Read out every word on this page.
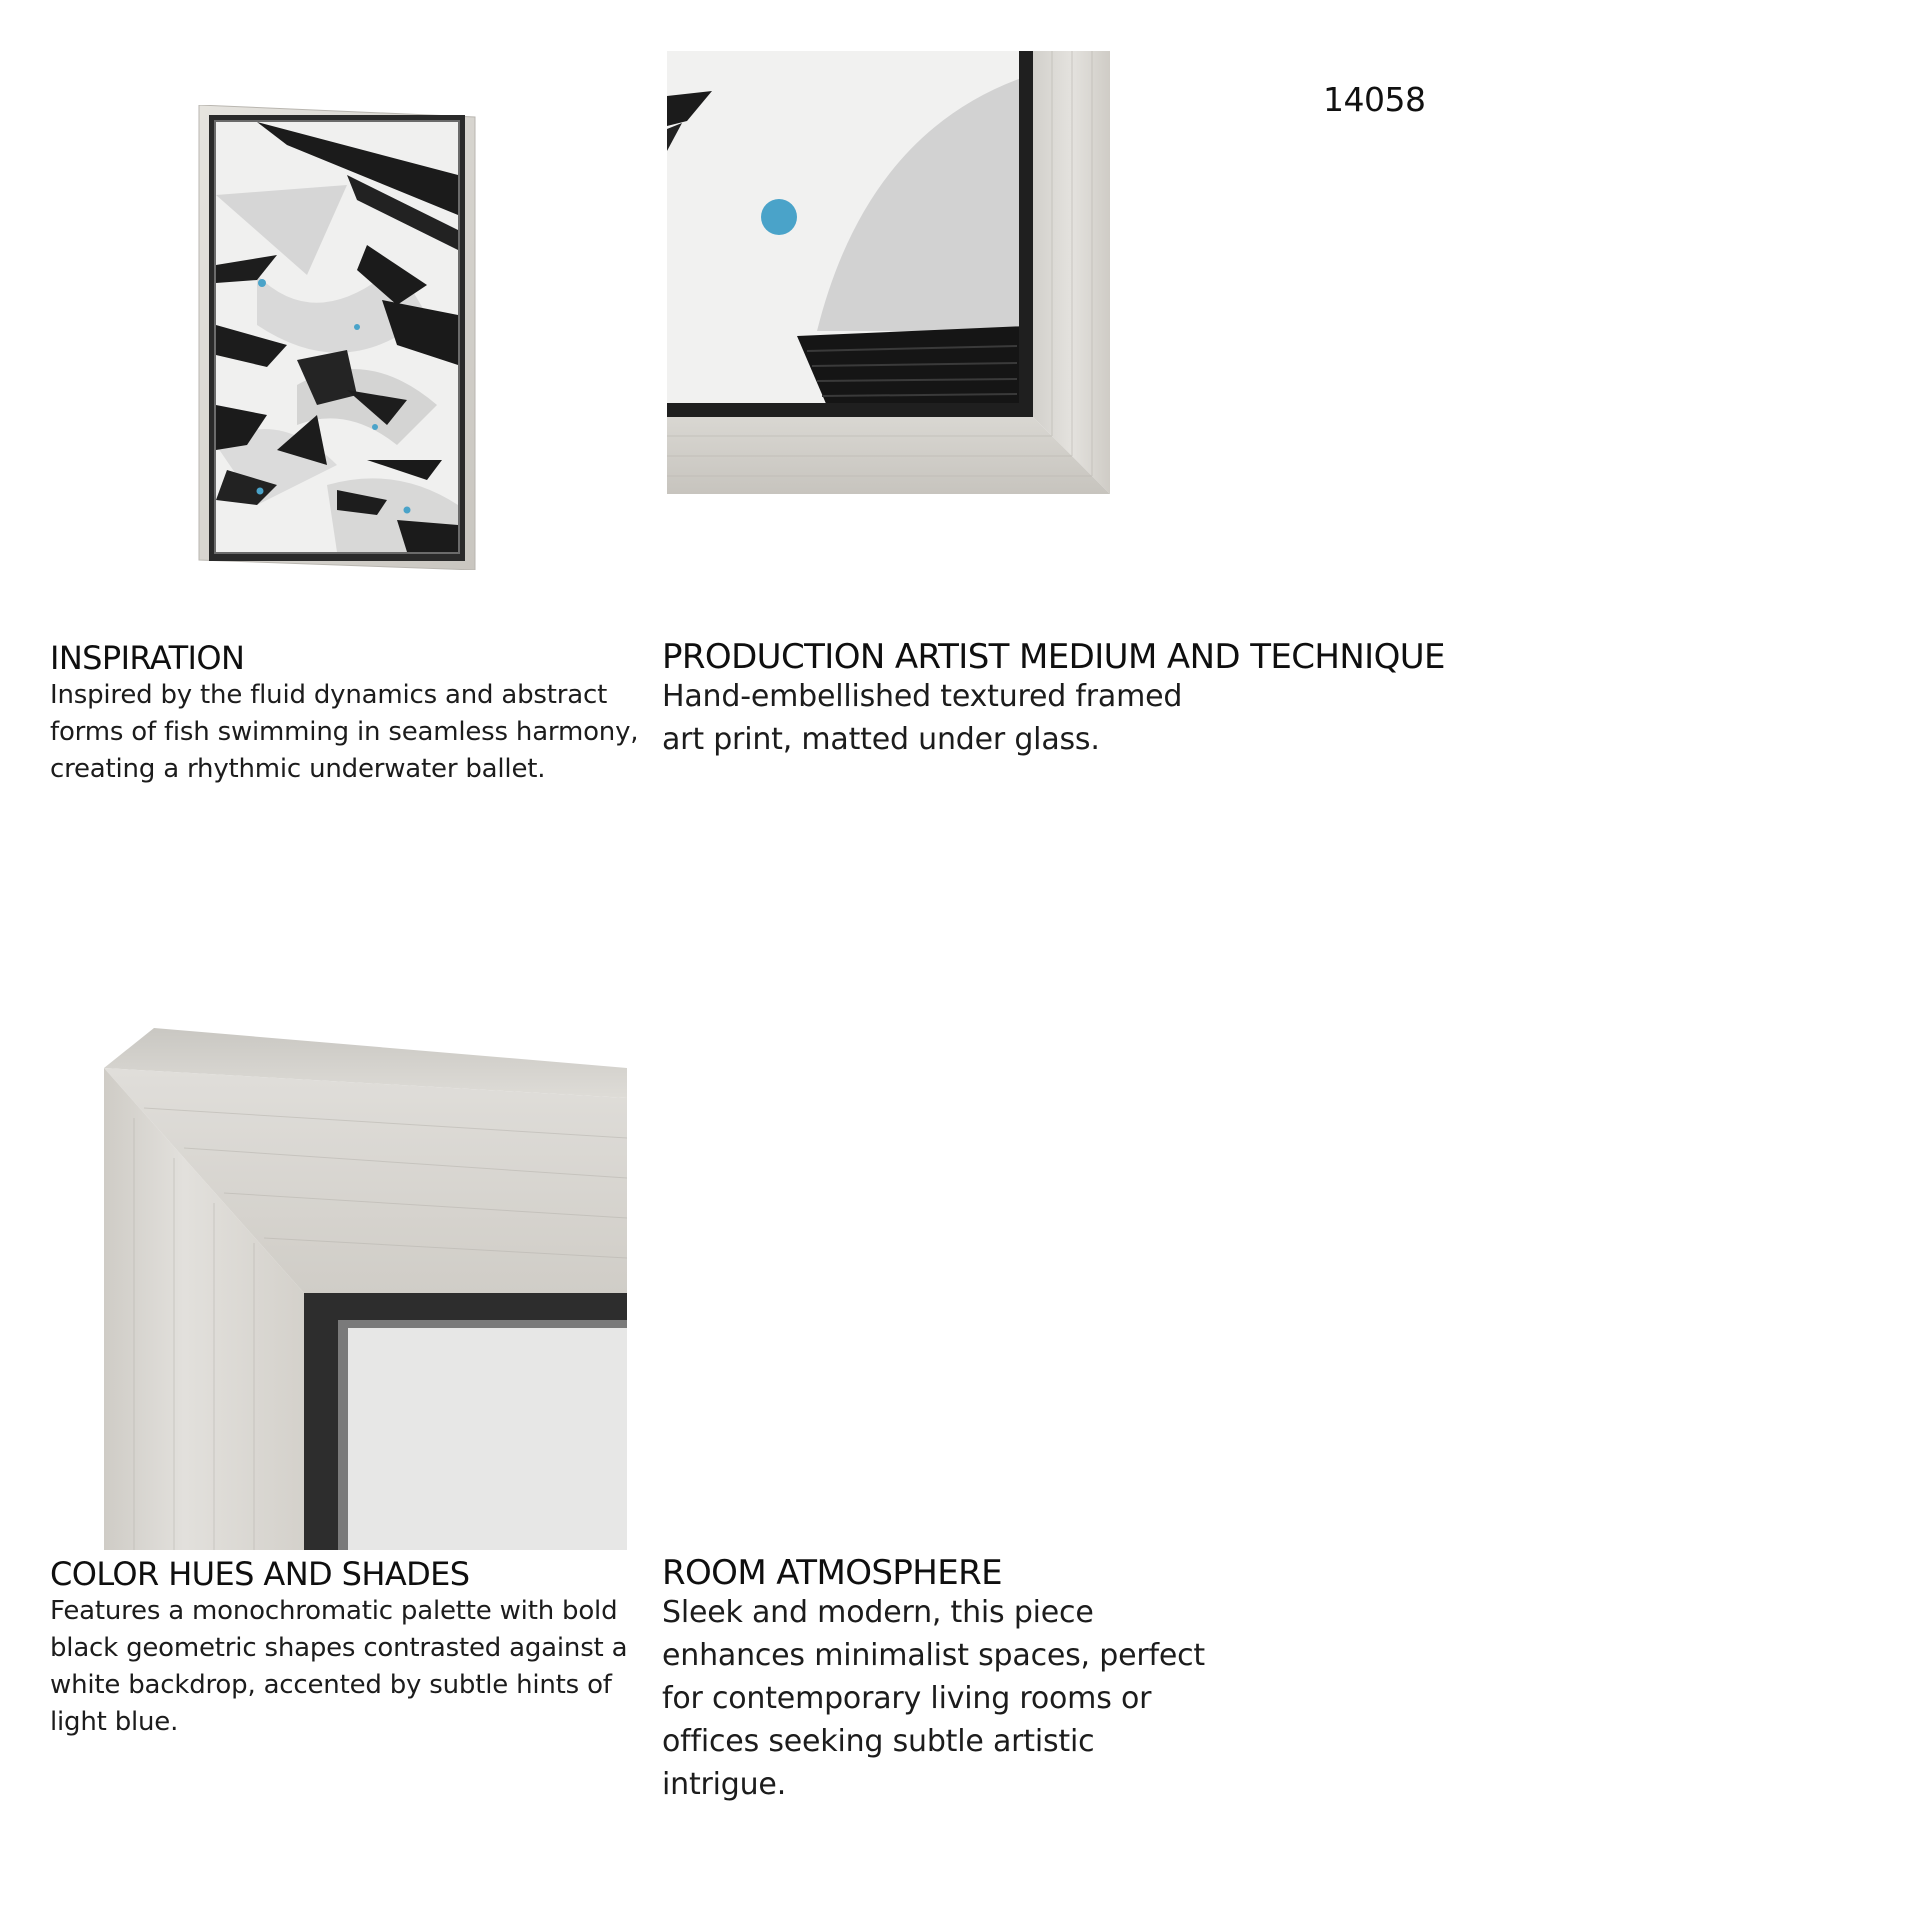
14058
INSPIRATION

Inspired by the fluid dynamics and abstract forms of fish swimming in seamless harmony, creating a rhythmic underwater ballet.

PRODUCTION ARTIST MEDIUM AND TECHNIQUE

Hand-embellished textured framed art print, matted under glass.

COLOR HUES AND SHADES

Features a monochromatic palette with bold black geometric shapes contrasted against a white backdrop, accented by subtle hints of light blue.

ROOM ATMOSPHERE

Sleek and modern, this piece enhances minimalist spaces, perfect for contemporary living rooms or offices seeking subtle artistic intrigue.
